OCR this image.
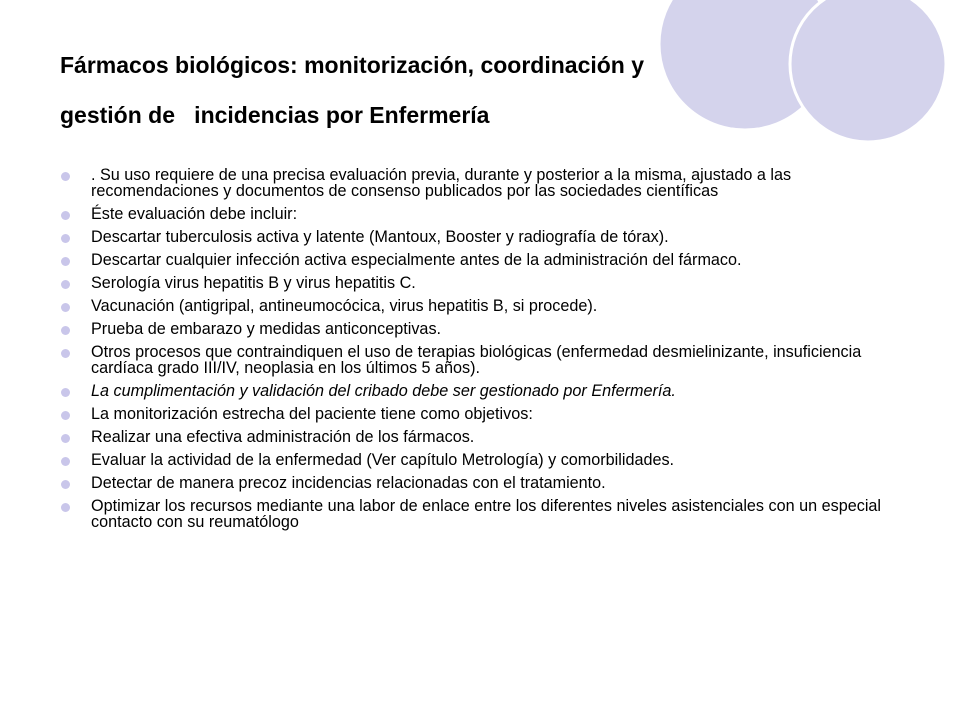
Fármacos biológicos: monitorización, coordinación y
gestión de   incidencias por Enfermería
. Su uso requiere de una precisa evaluación previa, durante y posterior a la misma, ajustado a las recomendaciones y documentos de consenso publicados por las sociedades científicas
Éste evaluación debe incluir:
Descartar tuberculosis activa y latente (Mantoux, Booster y radiografía de tórax).
Descartar cualquier infección activa especialmente antes de la administración del fármaco.
Serología virus hepatitis B y virus hepatitis C.
Vacunación (antigripal, antineumocócica, virus hepatitis B, si procede).
Prueba de embarazo y medidas anticonceptivas.
Otros procesos que contraindiquen el uso de terapias biológicas (enfermedad desmielinizante, insuficiencia cardíaca grado III/IV, neoplasia en los últimos 5 años).
La cumplimentación y validación del cribado debe ser gestionado por Enfermería.
La monitorización estrecha del paciente tiene como objetivos:
Realizar una efectiva administración de los fármacos.
Evaluar la actividad de la enfermedad (Ver capítulo Metrología) y comorbilidades.
Detectar de manera precoz incidencias relacionadas con el tratamiento.
Optimizar los recursos mediante una labor de enlace entre los diferentes niveles asistenciales con un especial contacto con su reumatólogo
